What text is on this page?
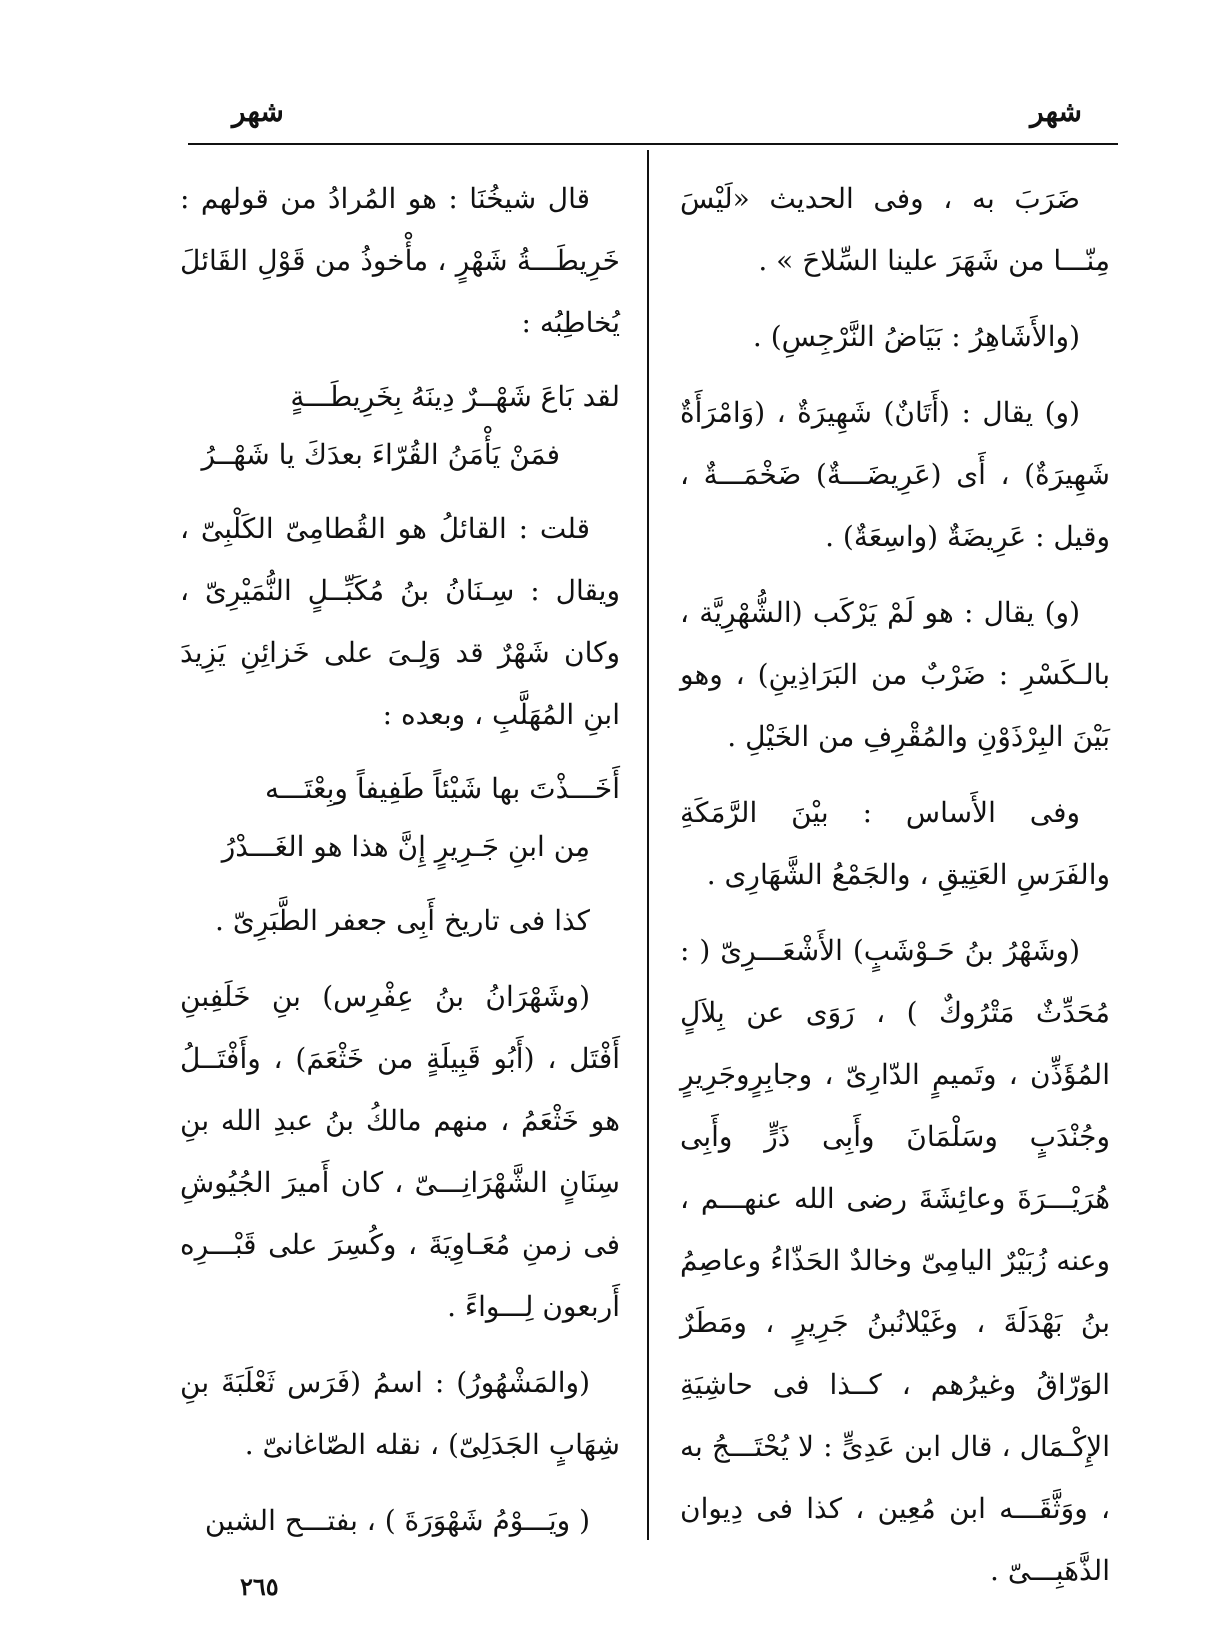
شهر
شهر

ضَرَبَ به ، وفى الحديث «لَيْسَ مِنّـــا من شَهَرَ علينا السِّلاحَ » .

(والأَشَاهِرُ : بَيَاضُ النَّرْجِسِ) .

(و) يقال : (أَتَانٌ) شَهِيرَةٌ ، (وَامْرَأَةٌ شَهِيرَةٌ) ، أَى (عَرِيضَـــةٌ) ضَخْمَـــةٌ ، وقيل : عَرِيضَةٌ (واسِعَةٌ) .

(و) يقال : هو لَمْ يَرْكَب (الشُّهْرِيَّة ، بالـكَسْرِ : ضَرْبٌ من البَرَاذِينِ) ، وهو بَيْنَ البِرْذَوْنِ والمُقْرِفِ من الخَيْلِ .

وفى الأَساس : بيْنَ الرَّمَكَةِ والفَرَسِ العَتِيقِ ، والجَمْعُ الشَّهَارِى .

(وشَهْرُ بنُ حَـوْشَبٍ) الأَشْعَـــرِىّ ( : مُحَدِّثٌ مَتْرُوكٌ ) ، رَوَى عن بِلاَلٍ المُؤَذِّن ، وتَميمٍ الدّارِىّ ، وجابِرٍوجَرِيرٍ وجُنْدَبٍ وسَلْمَانَ وأَبِى ذَرٍّ وأَبِى هُرَيْـــرَةَ وعائِشَةَ رضى الله عنهـــم ، وعنه زُبَيْرٌ اليامِىّ وخالدٌ الحَذّاءُ وعاصِمُ بنُ بَهْدَلَةَ ، وغَيْلانُبنُ جَرِيرٍ ، ومَطَرٌ الوَرّاقُ وغيرُهم ، كــذا فى حاشِيَةِ الإِكْـمَال ، قال ابن عَدِىٍّ : لا يُحْتَـــجُ به ، ووَثَّقَـــه ابن مُعِين ، كذا فى دِيوان الذَّهَبِـــىّ .

قال شيخُنَا : هو المُرادُ من قولهم : خَرِيطَـــةُ شَهْرٍ ، مأْخوذُ من قَوْلِ القَائلَ يُخاطِبُه :

لقد بَاعَ شَهْــرٌ دِينَهُ بِخَرِيطَـــةٍ
فمَنْ يَأْمَنُ القُرّاءَ بعدَكَ يا شَهْــرُ

قلت : القائلُ هو القُطامِىّ الكَلْبِىّ ، ويقال : سِـنَانُ بنُ مُكَبِّــلٍ النُّمَيْرِىّ ، وكان شَهْرٌ قد وَلِـىَ على خَزائِنِ يَزِيدَ ابنِ المُهَلَّبِ ، وبعده :

أَخَـــذْتَ بها شَيْئاً طَفِيفاً وبِعْتَـــه
مِن ابنِ جَـرِيرٍ إِنَّ هذا هو الغَـــدْرُ

كذا فى تاريخ أَبِى جعفر الطَّبَرِىّ .

(وشَهْرَانُ بنُ عِفْرِس) بنِ خَلَفِبنِ أَفْتَل ، (أَبُو قَبِيلَةٍ من خَثْعَمَ) ، وأَفْتَــلُ هو خَثْعَمُ ، منهم مالكُ بنُ عبدِ الله بنِ سِنَانٍ الشَّهْرَانِـــىّ ، كان أَميرَ الجُيُوشِ فى زمنِ مُعَـاوِيَةَ ، وكُسِرَ على قَبْـــرِه أَربعون لِـــواءً .

(والمَشْهُورُ) : اسمُ (فَرَس ثَعْلَبَةَ بنِ شِهَابٍ الجَدَلِىّ) ، نقله الصّاغانىّ .

( ويَـــوْمُ شَهْوَرَةَ ) ، بفتـــح الشين

٢٦٥
